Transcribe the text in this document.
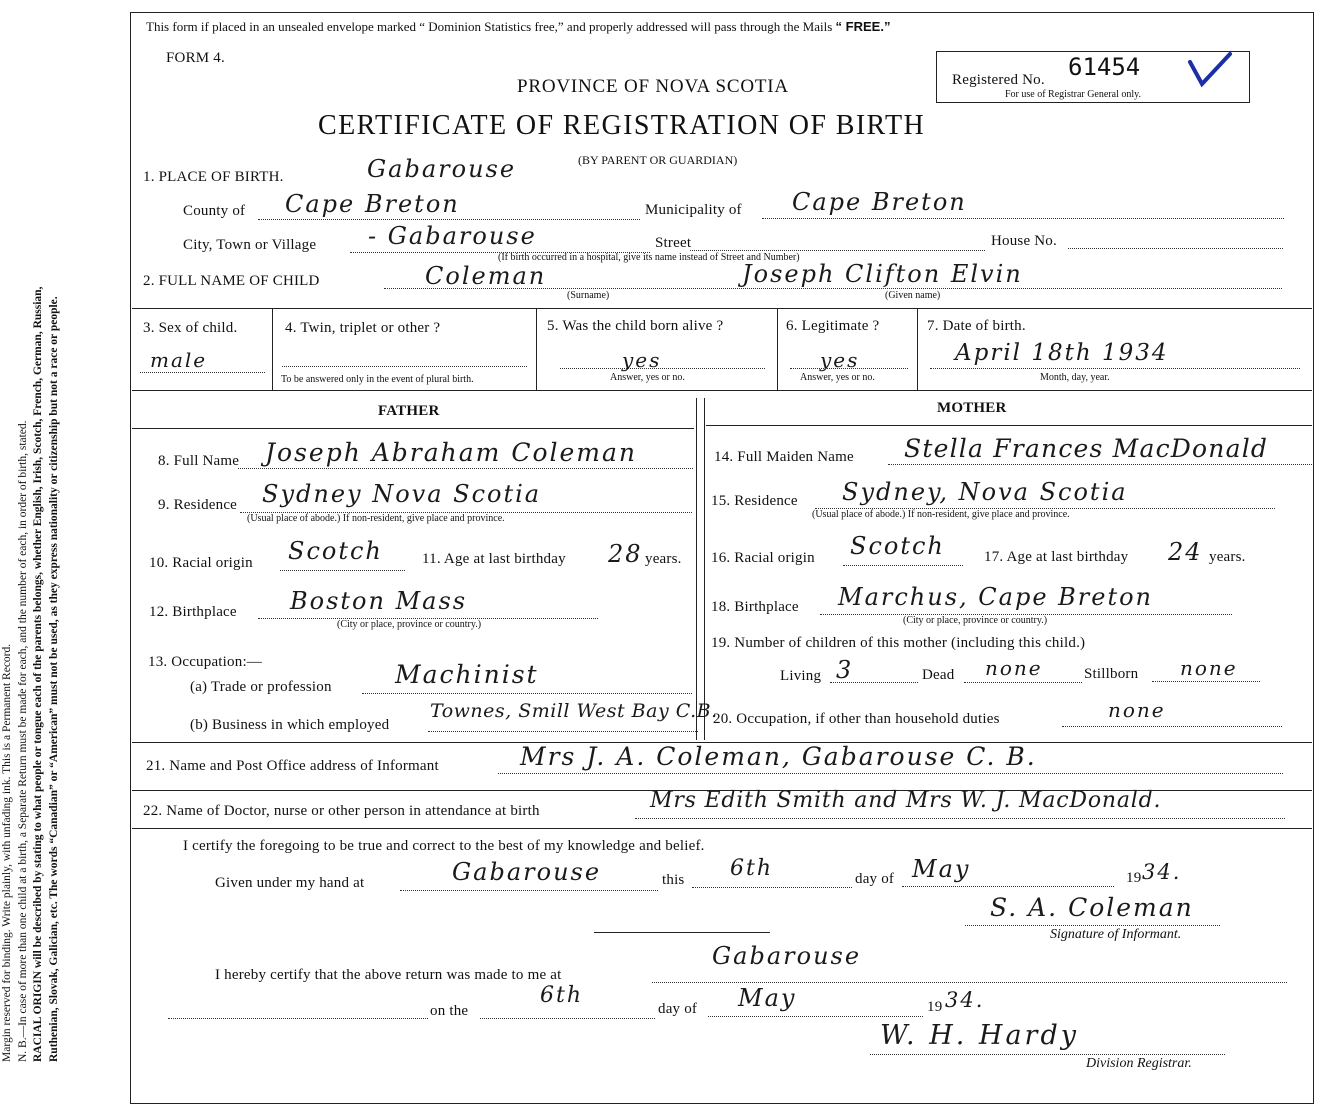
Margin reserved for binding. Write plainly, with unfading ink. This is a Permanent Record. N. B.—In case of more than one child at a birth, a Separate Return must be made for each, and the number of each, in order of birth, stated. RACIAL ORIGIN will be described by stating to what people or tongue each of the parents belongs, whether English, Irish, Scotch, French, German, Russian, Ruthenian, Slovak, Galician, etc. The words “Canadian” or “American” must not be used, as they express nationality or citizenship but not a race or people.
This form if placed in an unsealed envelope marked “ Dominion Statistics free,” and properly addressed will pass through the Mails “ FREE.”
FORM 4.
PROVINCE OF NOVA SCOTIA
CERTIFICATE OF REGISTRATION OF BIRTH
(BY PARENT OR GUARDIAN)
Registered No. 61454
For use of Registrar General only.
1. PLACE OF BIRTH.	Gabarouse
County of Cape Breton	Municipality of Cape Breton
City, Town or Village - Gabarouse	Street
(If birth occurred in a hospital, give its name instead of Street and Number)
House No.
2. FULL NAME OF CHILD	Coleman
(Surname)
Joseph Clifton Elvin
(Given name)
3. Sex of child.
male
4. Twin, triplet or other ?
To be answered only in the event of plural birth.
5. Was the child born alive ?
yes
Answer, yes or no.
6. Legitimate ?
yes
Answer, yes or no.
7. Date of birth.
April 18th 1934
Month, day, year.
FATHER	MOTHER
8. Full Name Joseph Abraham Coleman
9. Residence Sydney Nova Scotia
(Usual place of abode.) If non-resident, give place and province.
10. Racial origin Scotch	11. Age at last birthday 28 years.
12. Birthplace Boston Mass
(City or place, province or country.)
13. Occupation:—
(a) Trade or profession	Machinist
(b) Business in which employed
Townes, Smill West Bay C.B.
14. Full Maiden Name Stella Frances MacDonald
15. Residence Sydney, Nova Scotia
(Usual place of abode.) If non-resident, give place and province.
16. Racial origin Scotch	17. Age at last birthday 24 years.
18. Birthplace Marchus, Cape Breton
(City or place, province or country.)
19. Number of children of this mother (including this child.)
Living 3	Dead none	Stillborn none
20. Occupation, if other than household duties	none
21. Name and Post Office address of Informant	Mrs J. A. Coleman, Gabarouse C. B.
22. Name of Doctor, nurse or other person in attendance at birth	Mrs Edith Smith and Mrs W. J. MacDonald.
I certify the foregoing to be true and correct to the best of my knowledge and belief.
Given under my hand at	Gabarouse	this 6th	day of May	19 34.
S. A. Coleman
Signature of Informant.
I hereby certify that the above return was made to me at
Gabarouse
on the
6th
day of May	19 34.
W. H. Hardy
Division Registrar.
